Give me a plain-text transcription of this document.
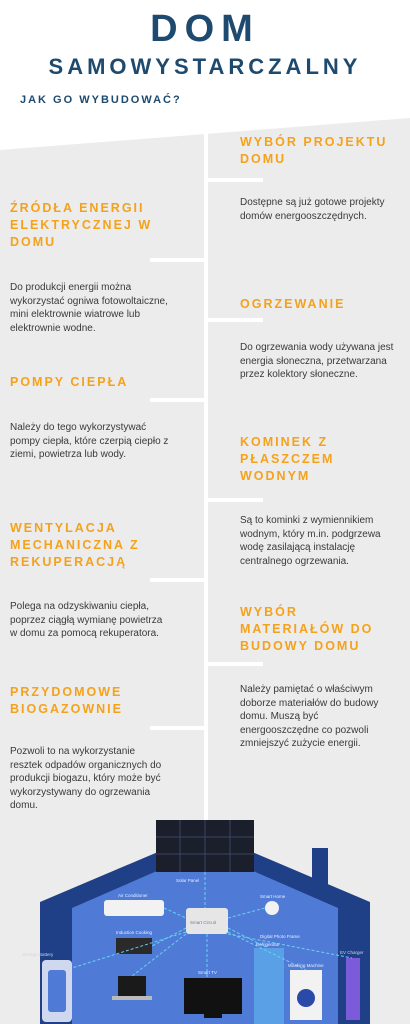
DOM
SAMOWYSTARCZALNY
JAK GO WYBUDOWAĆ?
WYBÓR PROJEKTU DOMU
Dostępne są już gotowe projekty domów energooszczędnych.
OGRZEWANIE
Do ogrzewania wody używana jest energia słoneczna, przetwarzana przez kolektory słoneczne.
KOMINEK Z PŁASZCZEM WODNYM
Są to kominki z wymiennikiem wodnym, który m.in. podgrzewa wodę zasilającą instalację centralnego ogrzewania.
WYBÓR MATERIAŁÓW DO BUDOWY DOMU
Należy pamiętać o właściwym doborze materiałów do budowy domu. Muszą być energooszczędne co pozwoli zmniejszyć zużycie energii.
ŹRÓDŁA ENERGII ELEKTRYCZNEJ W DOMU
Do produkcji energii można wykorzystać ogniwa fotowoltaiczne, mini elektrownie wiatrowe lub elektrownie wodne.
POMPY CIEPŁA
Należy do tego wykorzystywać pompy ciepła, które czerpią ciepło z ziemi, powietrza lub wody.
WENTYLACJA MECHANICZNA Z REKUPERACJĄ
Polega na odzyskiwaniu ciepła, poprzez ciągłą wymianę powietrza w domu za pomocą rekuperatora.
PRZYDOMOWE BIOGAZOWNIE
Pozwoli to na wykorzystanie resztek odpadów organicznych do produkcji biogazu, który może być wykorzystywany do ogrzewania domu.
Solar Panel
Air Conditioner	Smart Home
Induction Cooking
Smart Circuit
Digital Photo Frame
Refrigerator
Storage Battery
Smart TV
Washing Machine
EV Charger
